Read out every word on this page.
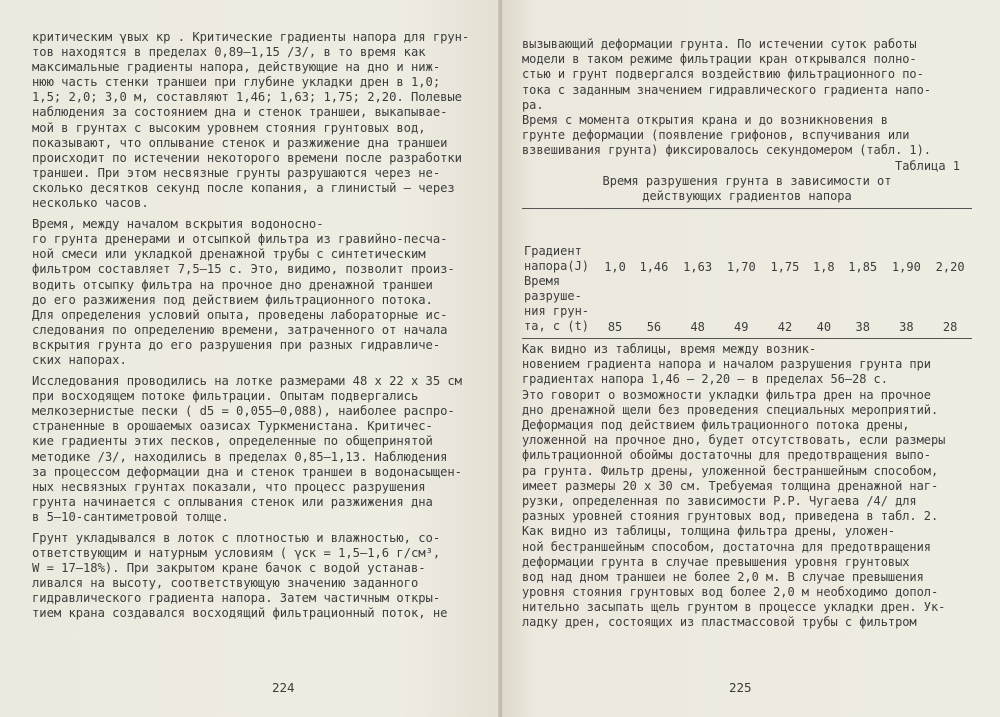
критическим γвых кр . Критические градиенты напора для грун-
тов находятся в пределах 0,89–1,15 /3/, в то время как
максимальные градиенты напора, действующие на дно и ниж-
нюю часть стенки траншеи при глубине укладки дрен в 1,0;
1,5; 2,0; 3,0 м, составляют 1,46; 1,63; 1,75; 2,20. Полевые
наблюдения за состоянием дна и стенок траншеи, выкапывае-
мой в грунтах с высоким уровнем стояния грунтовых вод,
показывают, что оплывание стенок и разжижение дна траншеи
происходит по истечении некоторого времени после разработки
траншеи. При этом несвязные грунты разрушаются через не-
сколько десятков секунд после копания, а глинистый – через
несколько часов.
Время, между началом вскрытия водоносно-
го грунта дренерами и отсыпкой фильтра из гравийно-песча-
ной смеси или укладкой дренажной трубы с синтетическим
фильтром составляет 7,5–15 с. Это, видимо, позволит произ-
водить отсыпку фильтра на прочное дно дренажной траншеи
до его разжижения под действием фильтрационного потока.
Для определения условий опыта, проведены лабораторные ис-
следования по определению времени, затраченного от начала
вскрытия грунта до его разрушения при разных гидравличе-
ских напорах.
Исследования проводились на лотке размерами 48 х 22 х 35 см
при восходящем потоке фильтрации. Опытам подвергались
мелкозернистые пески ( d5 = 0,055–0,088), наиболее распро-
страненные в орошаемых оазисах Туркменистана. Критичес-
кие градиенты этих песков, определенные по общепринятой
методике /3/, находились в пределах 0,85–1,13. Наблюдения
за процессом деформации дна и стенок траншеи в водонасыщен-
ных несвязных грунтах показали, что процесс разрушения
грунта начинается с оплывания стенок или разжижения дна
в 5–10-сантиметровой толще.
Грунт укладывался в лоток с плотностью и влажностью, со-
ответствующим и натурным условиям ( γск = 1,5–1,6 г/см³,
W = 17–18%). При закрытом кране бачок с водой устанав-
ливался на высоту, соответствующую значению заданного
гидравлического градиента напора. Затем частичным откры-
тием крана создавался восходящий фильтрационный поток, не
224
вызывающий деформации грунта. По истечении суток работы
модели в таком режиме фильтрации кран открывался полно-
стью и грунт подвергался воздействию фильтрационного по-
тока с заданным значением гидравлического градиента напо-
ра.
Время с момента открытия крана и до возникновения в
грунте деформации (появление грифонов, вспучивания или
взвешивания грунта) фиксировалось секундомером (табл. 1).
Таблица 1
Время разрушения грунта в зависимости от
действующих градиентов напора
Градиент
напора(J)	1,0	1,46	1,63	1,70	1,75	1,8	1,85	1,90	2,20

Время
разруше-
ния грун-
та, с (t)	85	56	48	49	42	40	38	38	28
Как видно из таблицы, время между возник-
новением градиента напора и началом разрушения грунта при
градиентах напора 1,46 – 2,20 – в пределах 56–28 с.
Это говорит о возможности укладки фильтра дрен на прочное
дно дренажной щели без проведения специальных мероприятий.
Деформация под действием фильтрационного потока дрены,
уложенной на прочное дно, будет отсутствовать, если размеры
фильтрационной обоймы достаточны для предотвращения выпо-
ра грунта. Фильтр дрены, уложенной бестраншейным способом,
имеет размеры 20 х 30 см. Требуемая толщина дренажной наг-
рузки, определенная по зависимости Р.Р. Чугаева /4/ для
разных уровней стояния грунтовых вод, приведена в табл. 2.
Как видно из таблицы, толщина фильтра дрены, уложен-
ной бестраншейным способом, достаточна для предотвращения
деформации грунта в случае превышения уровня грунтовых
вод над дном траншеи не более 2,0 м. В случае превышения
уровня стояния грунтовых вод более 2,0 м необходимо допол-
нительно засыпать щель грунтом в процессе укладки дрен. Ук-
ладку дрен, состоящих из пластмассовой трубы с фильтром
225
